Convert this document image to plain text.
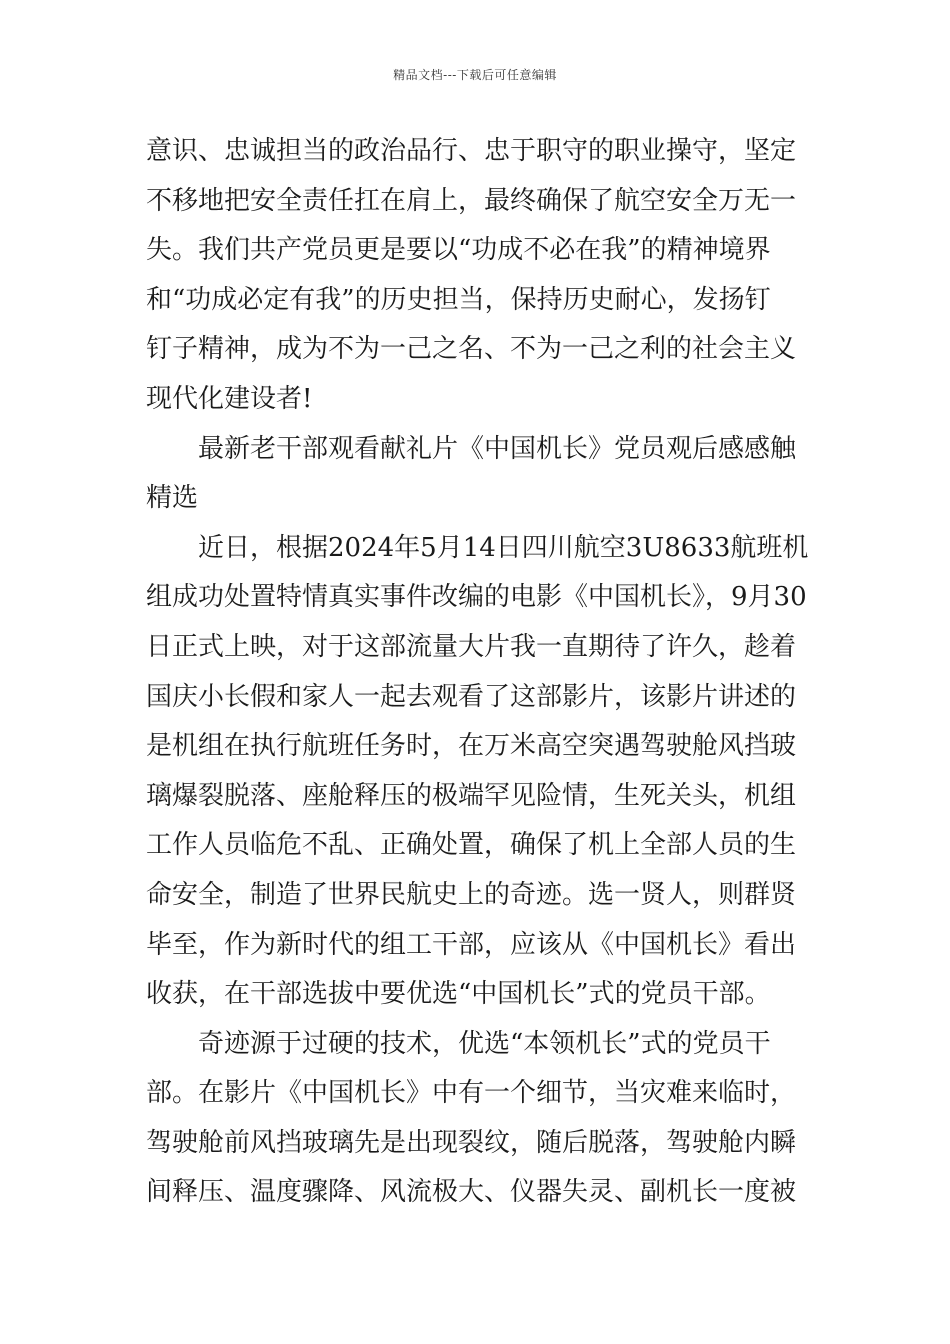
精品文档---下载后可任意编辑
意识、忠诚担当的政治品行、忠于职守的职业操守，坚定
不移地把安全责任扛在肩上，最终确保了航空安全万无一
失。我们共产党员更是要以“功成不必在我”的精神境界
和“功成必定有我”的历史担当，保持历史耐心，发扬钉
钉子精神，成为不为一己之名、不为一己之利的社会主义
现代化建设者!
最新老干部观看献礼片《中国机长》党员观后感感触
精选
近日，根据2024年5月14日四川航空3U8633航班机
组成功处置特情真实事件改编的电影《中国机长》，9月30
日正式上映，对于这部流量大片我一直期待了许久，趁着
国庆小长假和家人一起去观看了这部影片，该影片讲述的
是机组在执行航班任务时，在万米高空突遇驾驶舱风挡玻
璃爆裂脱落、座舱释压的极端罕见险情，生死关头，机组
工作人员临危不乱、正确处置，确保了机上全部人员的生
命安全，制造了世界民航史上的奇迹。选一贤人，则群贤
毕至，作为新时代的组工干部，应该从《中国机长》看出
收获，在干部选拔中要优选“中国机长”式的党员干部。
奇迹源于过硬的技术，优选“本领机长”式的党员干
部。在影片《中国机长》中有一个细节，当灾难来临时，
驾驶舱前风挡玻璃先是出现裂纹，随后脱落，驾驶舱内瞬
间释压、温度骤降、风流极大、仪器失灵、副机长一度被
